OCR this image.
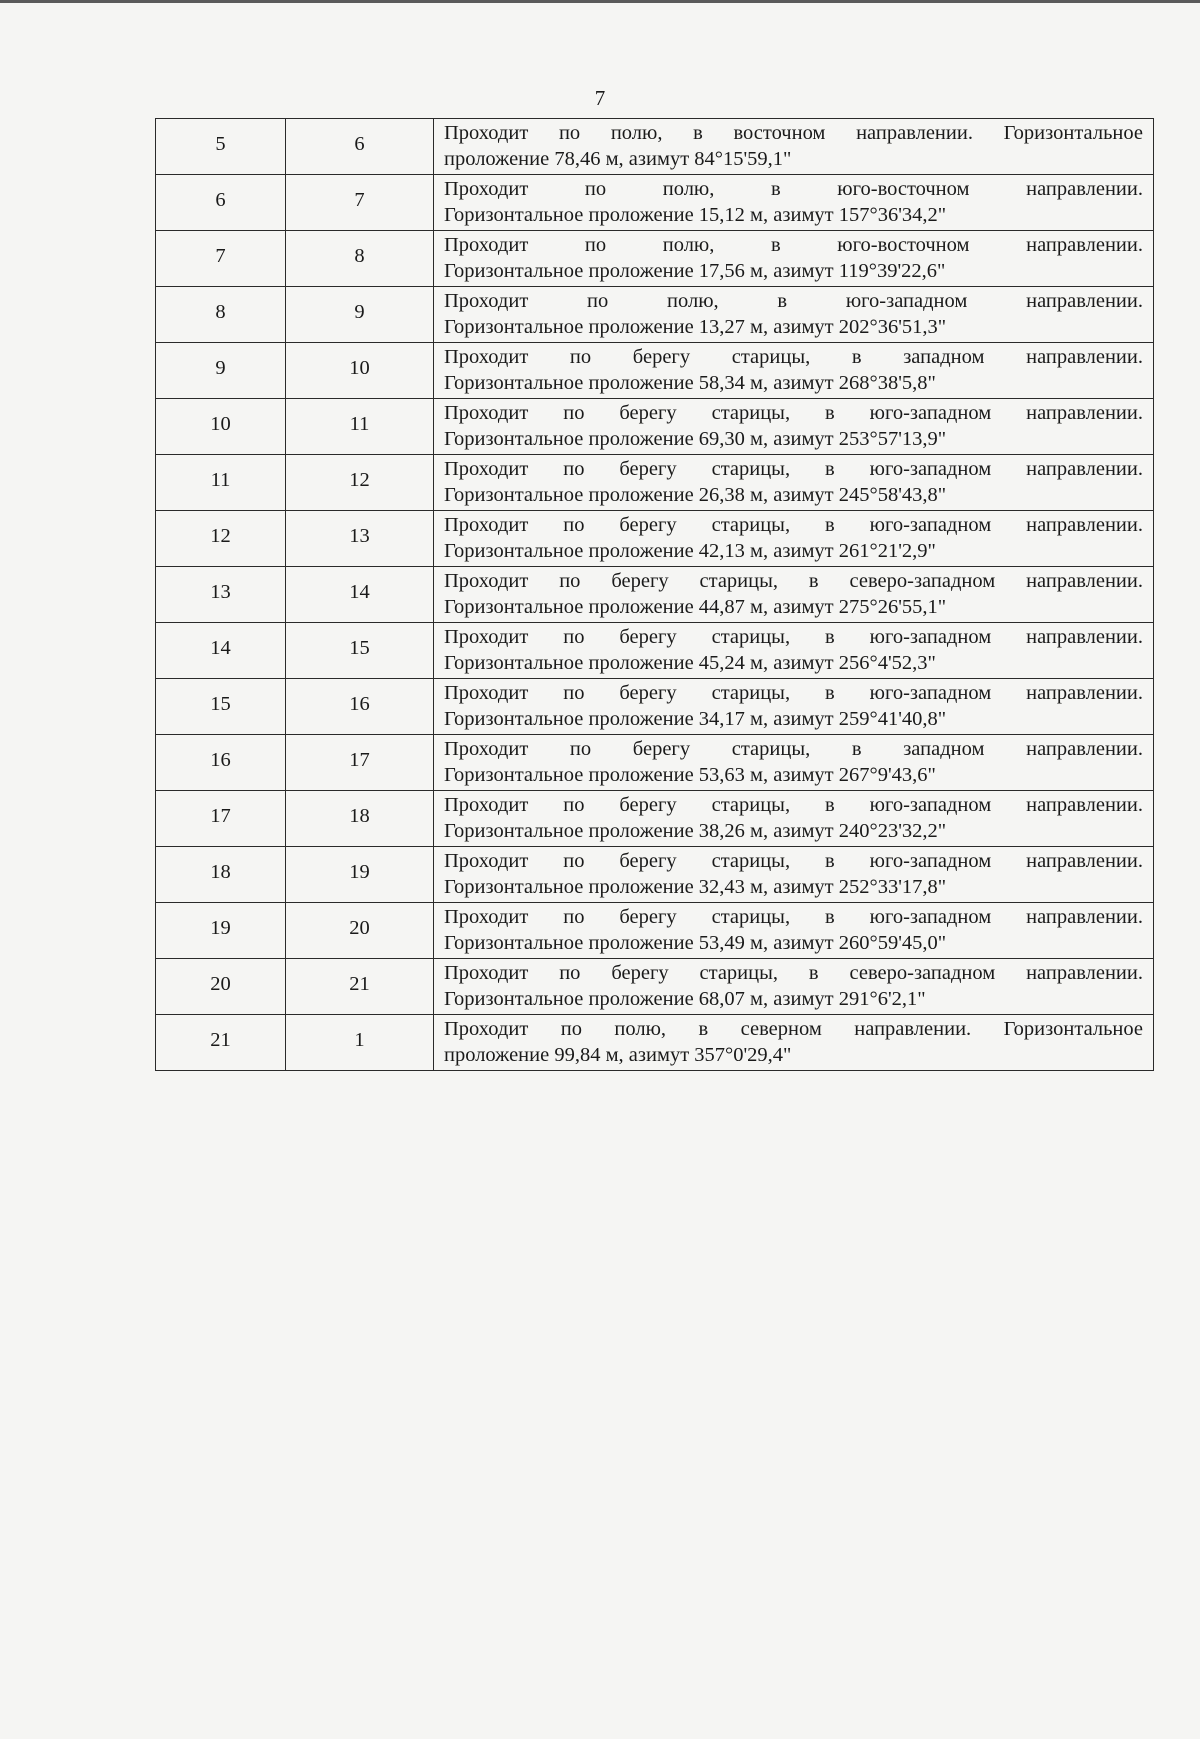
7
5	6	Проходит по полю, в восточном направлении. Горизонтальное
проложение 78,46 м, азимут 84°15'59,1"

6	7	Проходит по полю, в юго-восточном направлении.
Горизонтальное проложение 15,12 м, азимут 157°36'34,2"

7	8	Проходит по полю, в юго-восточном направлении.
Горизонтальное проложение 17,56 м, азимут 119°39'22,6"

8	9	Проходит по полю, в юго-западном направлении.
Горизонтальное проложение 13,27 м, азимут 202°36'51,3"

9	10	Проходит по берегу старицы, в западном направлении.
Горизонтальное проложение 58,34 м, азимут 268°38'5,8"

10	11	Проходит по берегу старицы, в юго-западном направлении.
Горизонтальное проложение 69,30 м, азимут 253°57'13,9"

11	12	Проходит по берегу старицы, в юго-западном направлении.
Горизонтальное проложение 26,38 м, азимут 245°58'43,8"

12	13	Проходит по берегу старицы, в юго-западном направлении.
Горизонтальное проложение 42,13 м, азимут 261°21'2,9"

13	14	Проходит по берегу старицы, в северо-западном направлении.
Горизонтальное проложение 44,87 м, азимут 275°26'55,1"

14	15	Проходит по берегу старицы, в юго-западном направлении.
Горизонтальное проложение 45,24 м, азимут 256°4'52,3"

15	16	Проходит по берегу старицы, в юго-западном направлении.
Горизонтальное проложение 34,17 м, азимут 259°41'40,8"

16	17	Проходит по берегу старицы, в западном направлении.
Горизонтальное проложение 53,63 м, азимут 267°9'43,6"

17	18	Проходит по берегу старицы, в юго-западном направлении.
Горизонтальное проложение 38,26 м, азимут 240°23'32,2"

18	19	Проходит по берегу старицы, в юго-западном направлении.
Горизонтальное проложение 32,43 м, азимут 252°33'17,8"

19	20	Проходит по берегу старицы, в юго-западном направлении.
Горизонтальное проложение 53,49 м, азимут 260°59'45,0"

20	21	Проходит по берегу старицы, в северо-западном направлении.
Горизонтальное проложение 68,07 м, азимут 291°6'2,1"

21	1	Проходит по полю, в северном направлении. Горизонтальное
проложение 99,84 м, азимут 357°0'29,4"
